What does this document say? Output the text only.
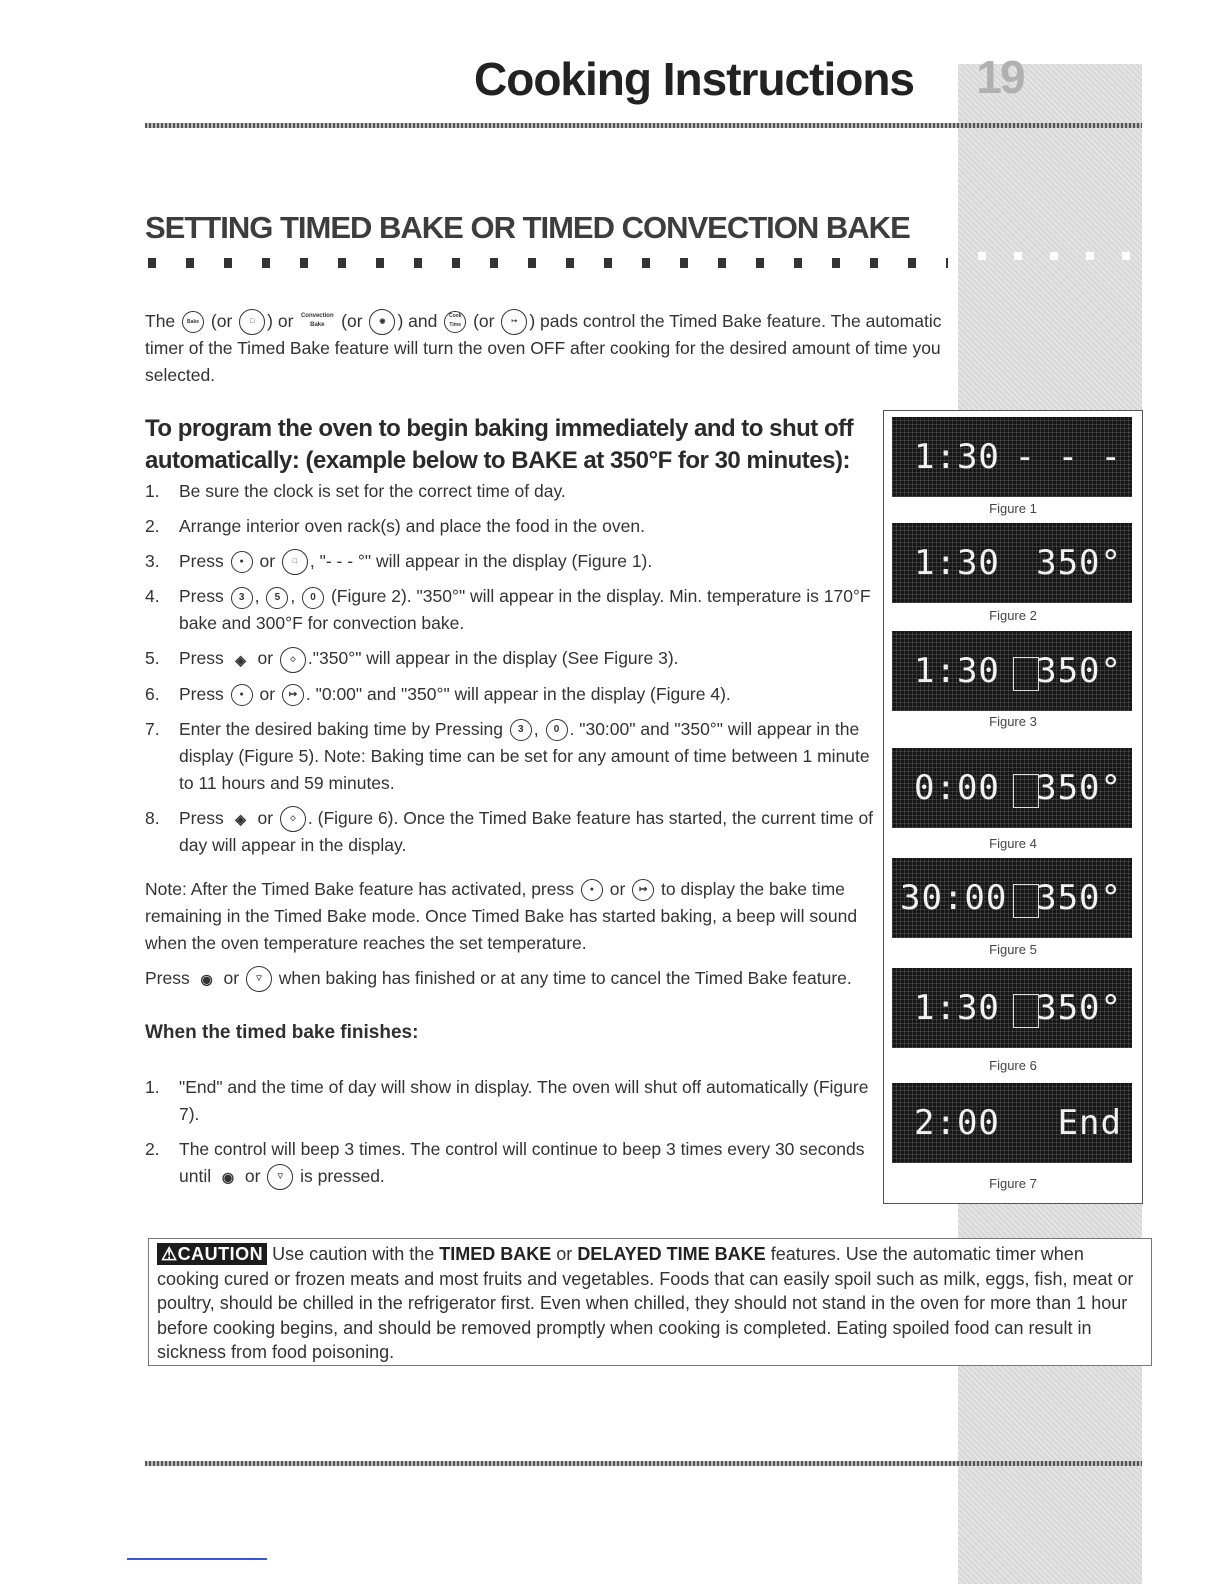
Cooking Instructions	19
SETTING TIMED BAKE OR TIMED CONVECTION BAKE
The Bake (or	□ ) or Convection Bake (or ◉ ) and Cook Time (or ↦ ) pads control the Timed Bake feature. The automatic timer of the Timed Bake feature will turn the oven OFF after cooking for the desired amount of time you selected.
To program the oven to begin baking immediately and to shut off automatically: (example below to BAKE at 350°F for 30 minutes):
1. Be sure the clock is set for the correct time of day.
2. Arrange interior oven rack(s) and place the food in the oven.
3. Press ● or	□ , "- - - °" will appear in the display (Figure 1).
4. Press 3 , 5 , 0 (Figure 2). "350°" will appear in the display. Min. temperature is 170°F bake and 300°F for convection bake.
5. Press ◈ or ◇ ."350°" will appear in the display (See Figure 3).
6. Press ● or ↦ . "0:00" and "350°" will appear in the display (Figure 4).
7. Enter the desired baking time by Pressing 3 , 0 . "30:00" and "350°" will appear in the display (Figure 5). Note: Baking time can be set for any amount of time between 1 minute to 11 hours and 59 minutes.
8. Press ◈ or ◇ . (Figure 6). Once the Timed Bake feature has started, the current time of day will appear in the display.

Note: After the Timed Bake feature has activated, press ● or ↦ to display the bake time remaining in the Timed Bake mode. Once Timed Bake has started baking, a beep will sound when the oven temperature reaches the set temperature.

Press ◉ or ▽ when baking has finished or at any time to cancel the Timed Bake feature.

When the timed bake finishes:
1. "End" and the time of day will show in display. The oven will shut off automatically (Figure 7).
2. The control will beep 3 times. The control will continue to beep 3 times every 30 seconds until ◉ or ▽ is pressed.
1:30 - - -
Figure 1
1:30 350°
Figure 2
1:30 350°
Figure 3
0:00 350°
Figure 4
30:00 350°
Figure 5
1:30 350°
Figure 6
2:00 End
Figure 7
⚠CAUTION Use caution with the TIMED BAKE or DELAYED TIME BAKE features. Use the automatic timer when cooking cured or frozen meats and most fruits and vegetables. Foods that can easily spoil such as milk, eggs, fish, meat or poultry, should be chilled in the refrigerator first. Even when chilled, they should not stand in the oven for more than 1 hour before cooking begins, and should be removed promptly when cooking is completed. Eating spoiled food can result in sickness from food poisoning.
